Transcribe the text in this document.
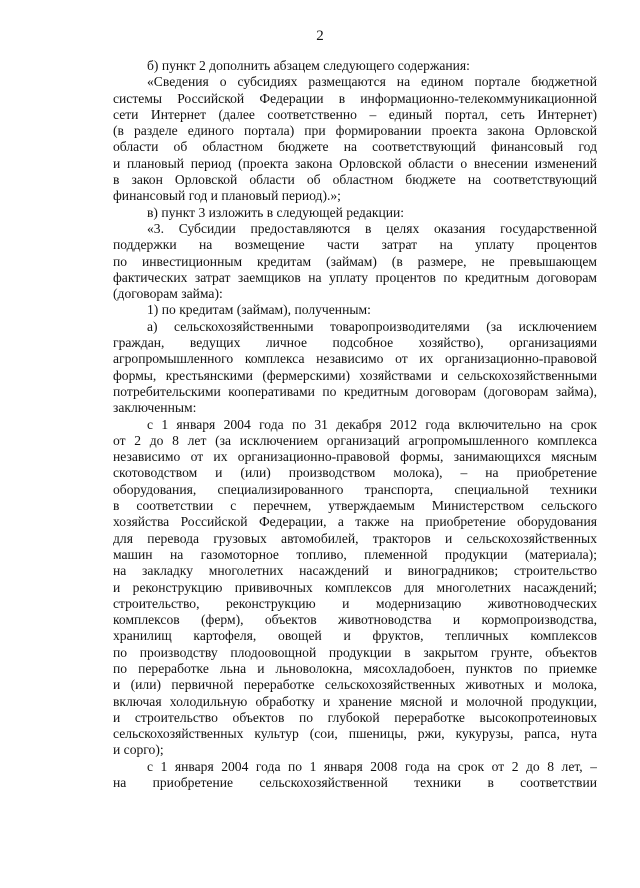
2
б) пункт 2 дополнить абзацем следующего содержания:
«Сведения о субсидиях размещаются на едином портале бюджетной
системы Российской Федерации в информационно-телекоммуникационной
сети Интернет (далее соответственно – единый портал, сеть Интернет)
(в разделе единого портала) при формировании проекта закона Орловской
области об областном бюджете на соответствующий финансовый год
и плановый период (проекта закона Орловской области о внесении изменений
в закон Орловской области об областном бюджете на соответствующий
финансовый год и плановый период).»;
в) пункт 3 изложить в следующей редакции:
«3. Субсидии предоставляются в целях оказания государственной
поддержки на возмещение части затрат на уплату процентов
по инвестиционным кредитам (займам) (в размере, не превышающем
фактических затрат заемщиков на уплату процентов по кредитным договорам
(договорам займа):
1) по кредитам (займам), полученным:
а) сельскохозяйственными товаропроизводителями (за исключением
граждан, ведущих личное подсобное хозяйство), организациями
агропромышленного комплекса независимо от их организационно-правовой
формы, крестьянскими (фермерскими) хозяйствами и сельскохозяйственными
потребительскими кооперативами по кредитным договорам (договорам займа),
заключенным:
с 1 января 2004 года по 31 декабря 2012 года включительно на срок
от 2 до 8 лет (за исключением организаций агропромышленного комплекса
независимо от их организационно-правовой формы, занимающихся мясным
скотоводством и (или) производством молока), – на приобретение
оборудования, специализированного транспорта, специальной техники
в соответствии с перечнем, утверждаемым Министерством сельского
хозяйства Российской Федерации, а также на приобретение оборудования
для перевода грузовых автомобилей, тракторов и сельскохозяйственных
машин на газомоторное топливо, племенной продукции (материала);
на закладку многолетних насаждений и виноградников; строительство
и реконструкцию прививочных комплексов для многолетних насаждений;
строительство, реконструкцию и модернизацию животноводческих
комплексов (ферм), объектов животноводства и кормопроизводства,
хранилищ картофеля, овощей и фруктов, тепличных комплексов
по производству плодоовощной продукции в закрытом грунте, объектов
по переработке льна и льноволокна, мясохладобоен, пунктов по приемке
и (или) первичной переработке сельскохозяйственных животных и молока,
включая холодильную обработку и хранение мясной и молочной продукции,
и строительство объектов по глубокой переработке высокопротеиновых
сельскохозяйственных культур (сои, пшеницы, ржи, кукурузы, рапса, нута
и сорго);
с 1 января 2004 года по 1 января 2008 года на срок от 2 до 8 лет, –
на приобретение сельскохозяйственной техники в соответствии
